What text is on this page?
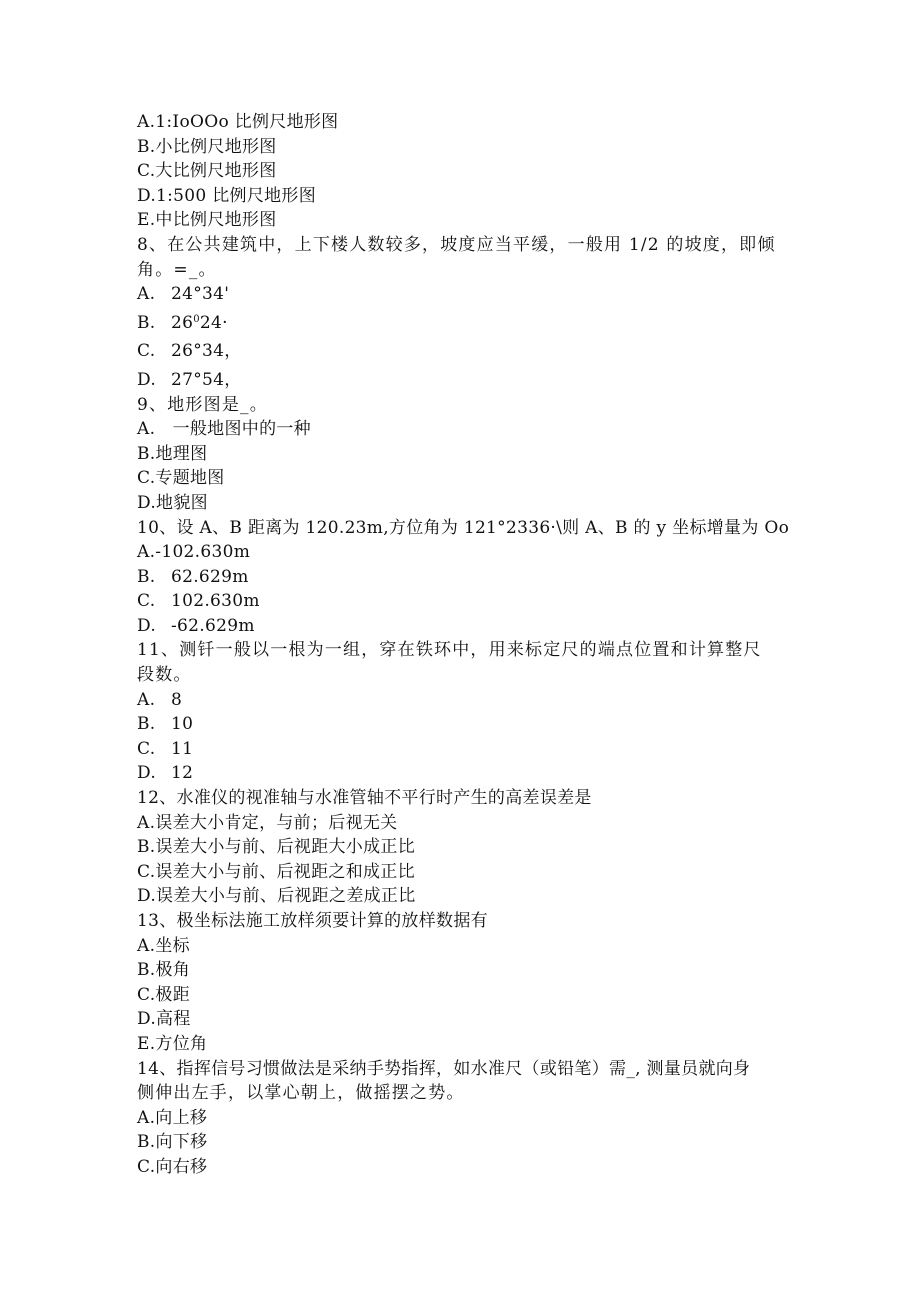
A.1:IoOOo 比例尺地形图
B.小比例尺地形图
C.大比例尺地形图
D.1:500 比例尺地形图
E.中比例尺地形图
8、在公共建筑中，上下楼人数较多，坡度应当平缓，一般用 1/2 的坡度，即倾
角。=_。
A. 24°34'
B. $26^024\cdot$
C. 26°34，
D. 27°54，
9、地形图是_。
A.　一般地图中的一种
B.地理图
C.专题地图
D.地貌图
10、设 A、B 距离为 120.23m,方位角为 121°2336·\则 A、B 的 y 坐标增量为 Oo
A.-102.630m
B. 62.629m
C. 102.630m
D. -62.629m
11、测钎一般以一根为一组，穿在铁环中，用来标定尺的端点位置和计算整尺
段数。
A. 8
B. 10
C. 11
D. 12
12、水准仪的视准轴与水准管轴不平行时产生的高差误差是
A.误差大小肯定，与前；后视无关
B.误差大小与前、后视距大小成正比
C.误差大小与前、后视距之和成正比
D.误差大小与前、后视距之差成正比
13、极坐标法施工放样须要计算的放样数据有
A.坐标
B.极角
C.极距
D.高程
E.方位角
14、指挥信号习惯做法是采纳手势指挥，如水准尺（或铅笔）需_, 测量员就向身
侧伸出左手，以掌心朝上，做摇摆之势。
A.向上移
B.向下移
C.向右移
